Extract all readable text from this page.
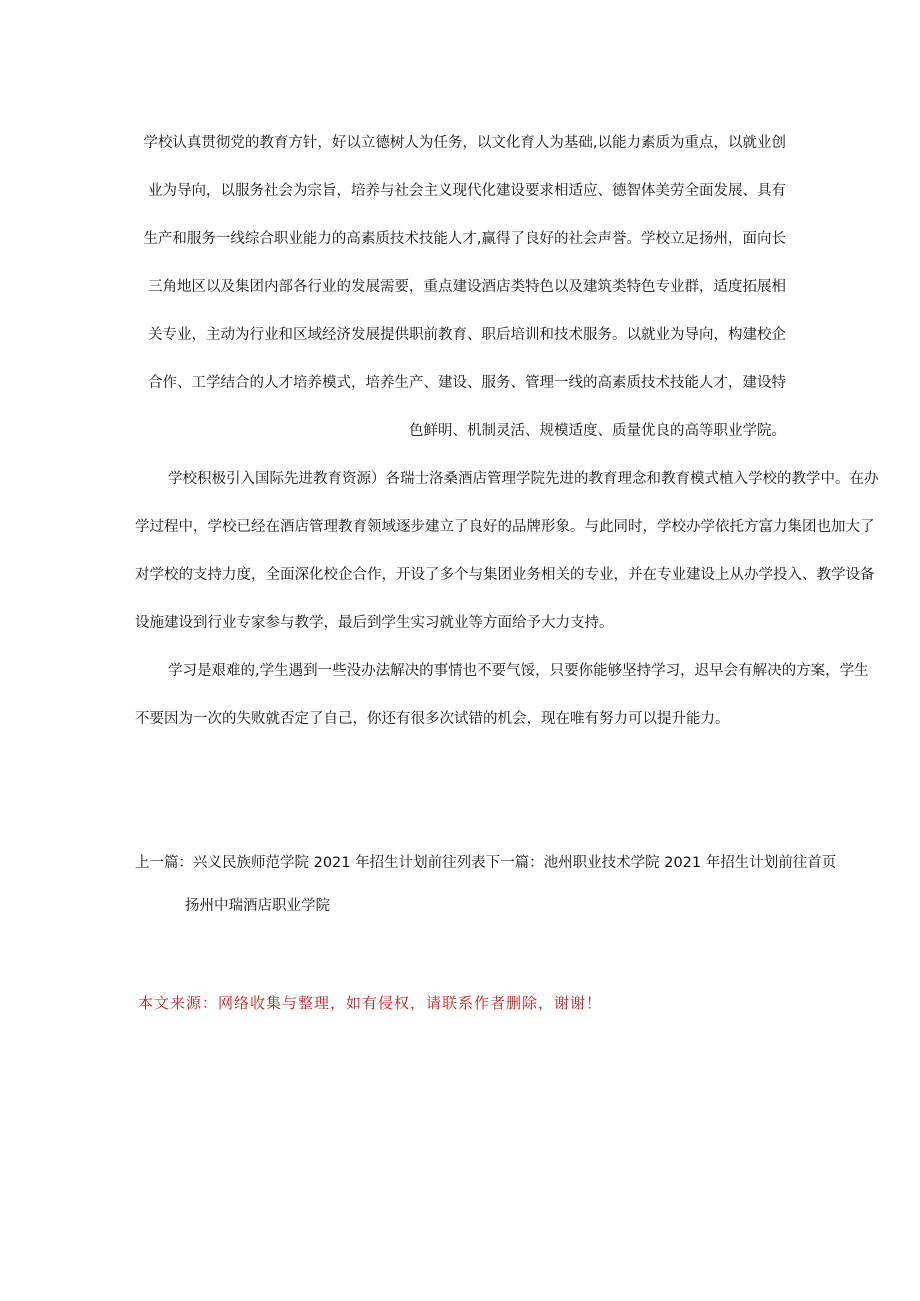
学校认真贯彻党的教育方针，好以立德树人为任务，以文化育人为基础,以能力素质为重点，以就业创

业为导向，以服务社会为宗旨，培养与社会主义现代化建设要求相适应、德智体美劳全面发展、具有

生产和服务一线综合职业能力的高素质技术技能人才,赢得了良好的社会声誉。学校立足扬州，面向长

三角地区以及集团内部各行业的发展需要，重点建设酒店类特色以及建筑类特色专业群，适度拓展相

关专业，主动为行业和区域经济发展提供职前教育、职后培训和技术服务。以就业为导向，构建校企

合作、工学结合的人才培养模式，培养生产、建设、服务、管理一线的高素质技术技能人才，建设特

色鲜明、机制灵活、规模适度、质量优良的高等职业学院。

学校积极引入国际先进教育资源）各瑞士洛桑酒店管理学院先进的教育理念和教育模式植入学校的教学中。在办

学过程中，学校已经在酒店管理教育领域逐步建立了良好的品牌形象。与此同时，学校办学依托方富力集团也加大了

对学校的支持力度，全面深化校企合作，开设了多个与集团业务相关的专业，并在专业建设上从办学投入、教学设备

设施建设到行业专家参与教学，最后到学生实习就业等方面给予大力支持。

学习是艰难的,学生遇到一些没办法解决的事情也不要气馁，只要你能够坚持学习，迟早会有解决的方案，学生

不要因为一次的失败就否定了自己，你还有很多次试错的机会，现在唯有努力可以提升能力。

上一篇：兴义民族师范学院 2021 年招生计划前往列表下一篇：池州职业技术学院 2021 年招生计划前往首页

扬州中瑞酒店职业学院

本文来源：网络收集与整理，如有侵权，请联系作者删除，谢谢！
